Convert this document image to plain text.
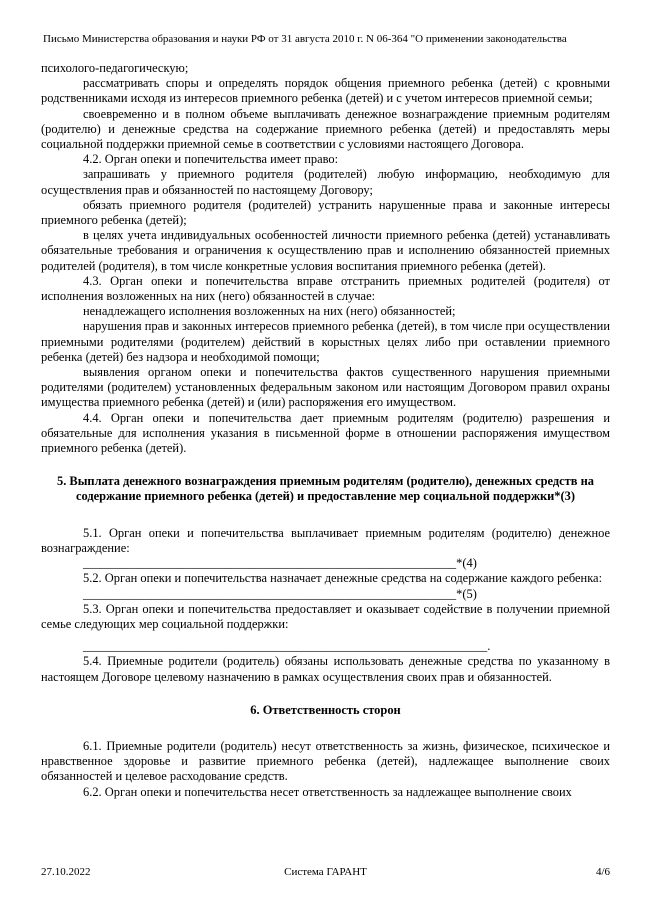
Письмо Министерства образования и науки РФ от 31 августа 2010 г. N 06-364 "О применении законодательства

психолого-педагогическую;

рассматривать споры и определять порядок общения приемного ребенка (детей) с кровными родственниками исходя из интересов приемного ребенка (детей) и с учетом интересов приемной семьи;

своевременно и в полном объеме выплачивать денежное вознаграждение приемным родителям (родителю) и денежные средства на содержание приемного ребенка (детей) и предоставлять меры социальной поддержки приемной семье в соответствии с условиями настоящего Договора.

4.2. Орган опеки и попечительства имеет право:

запрашивать у приемного родителя (родителей) любую информацию, необходимую для осуществления прав и обязанностей по настоящему Договору;

обязать приемного родителя (родителей) устранить нарушенные права и законные интересы приемного ребенка (детей);

в целях учета индивидуальных особенностей личности приемного ребенка (детей) устанавливать обязательные требования и ограничения к осуществлению прав и исполнению обязанностей приемных родителей (родителя), в том числе конкретные условия воспитания приемного ребенка (детей).

4.3. Орган опеки и попечительства вправе отстранить приемных родителей (родителя) от исполнения возложенных на них (него) обязанностей в случае:

ненадлежащего исполнения возложенных на них (него) обязанностей;

нарушения прав и законных интересов приемного ребенка (детей), в том числе при осуществлении приемными родителями (родителем) действий в корыстных целях либо при оставлении приемного ребенка (детей) без надзора и необходимой помощи;

выявления органом опеки и попечительства фактов существенного нарушения приемными родителями (родителем) установленных федеральным законом или настоящим Договором правил охраны имущества приемного ребенка (детей) и (или) распоряжения его имуществом.

4.4. Орган опеки и попечительства дает приемным родителям (родителю) разрешения и обязательные для исполнения указания в письменной форме в отношении распоряжения имуществом приемного ребенка (детей).

5. Выплата денежного вознаграждения приемным родителям (родителю), денежных средств на содержание приемного ребенка (детей) и предоставление мер социальной поддержки*(3)

5.1. Орган опеки и попечительства выплачивает приемным родителям (родителю) денежное вознаграждение:

____________________________________________________________*(4)

5.2. Орган опеки и попечительства назначает денежные средства на содержание каждого ребенка:

____________________________________________________________*(5)

5.3. Орган опеки и попечительства предоставляет и оказывает содействие в получении приемной семье следующих мер социальной поддержки:

_________________________________________________________________.

5.4. Приемные родители (родитель) обязаны использовать денежные средства по указанному в настоящем Договоре целевому назначению в рамках осуществления своих прав и обязанностей.

6. Ответственность сторон

6.1. Приемные родители (родитель) несут ответственность за жизнь, физическое, психическое и нравственное здоровье и развитие приемного ребенка (детей), надлежащее выполнение своих обязанностей и целевое расходование средств.

6.2. Орган опеки и попечительства несет ответственность за надлежащее выполнение своих

27.10.2022	Система ГАРАНТ	4/6
